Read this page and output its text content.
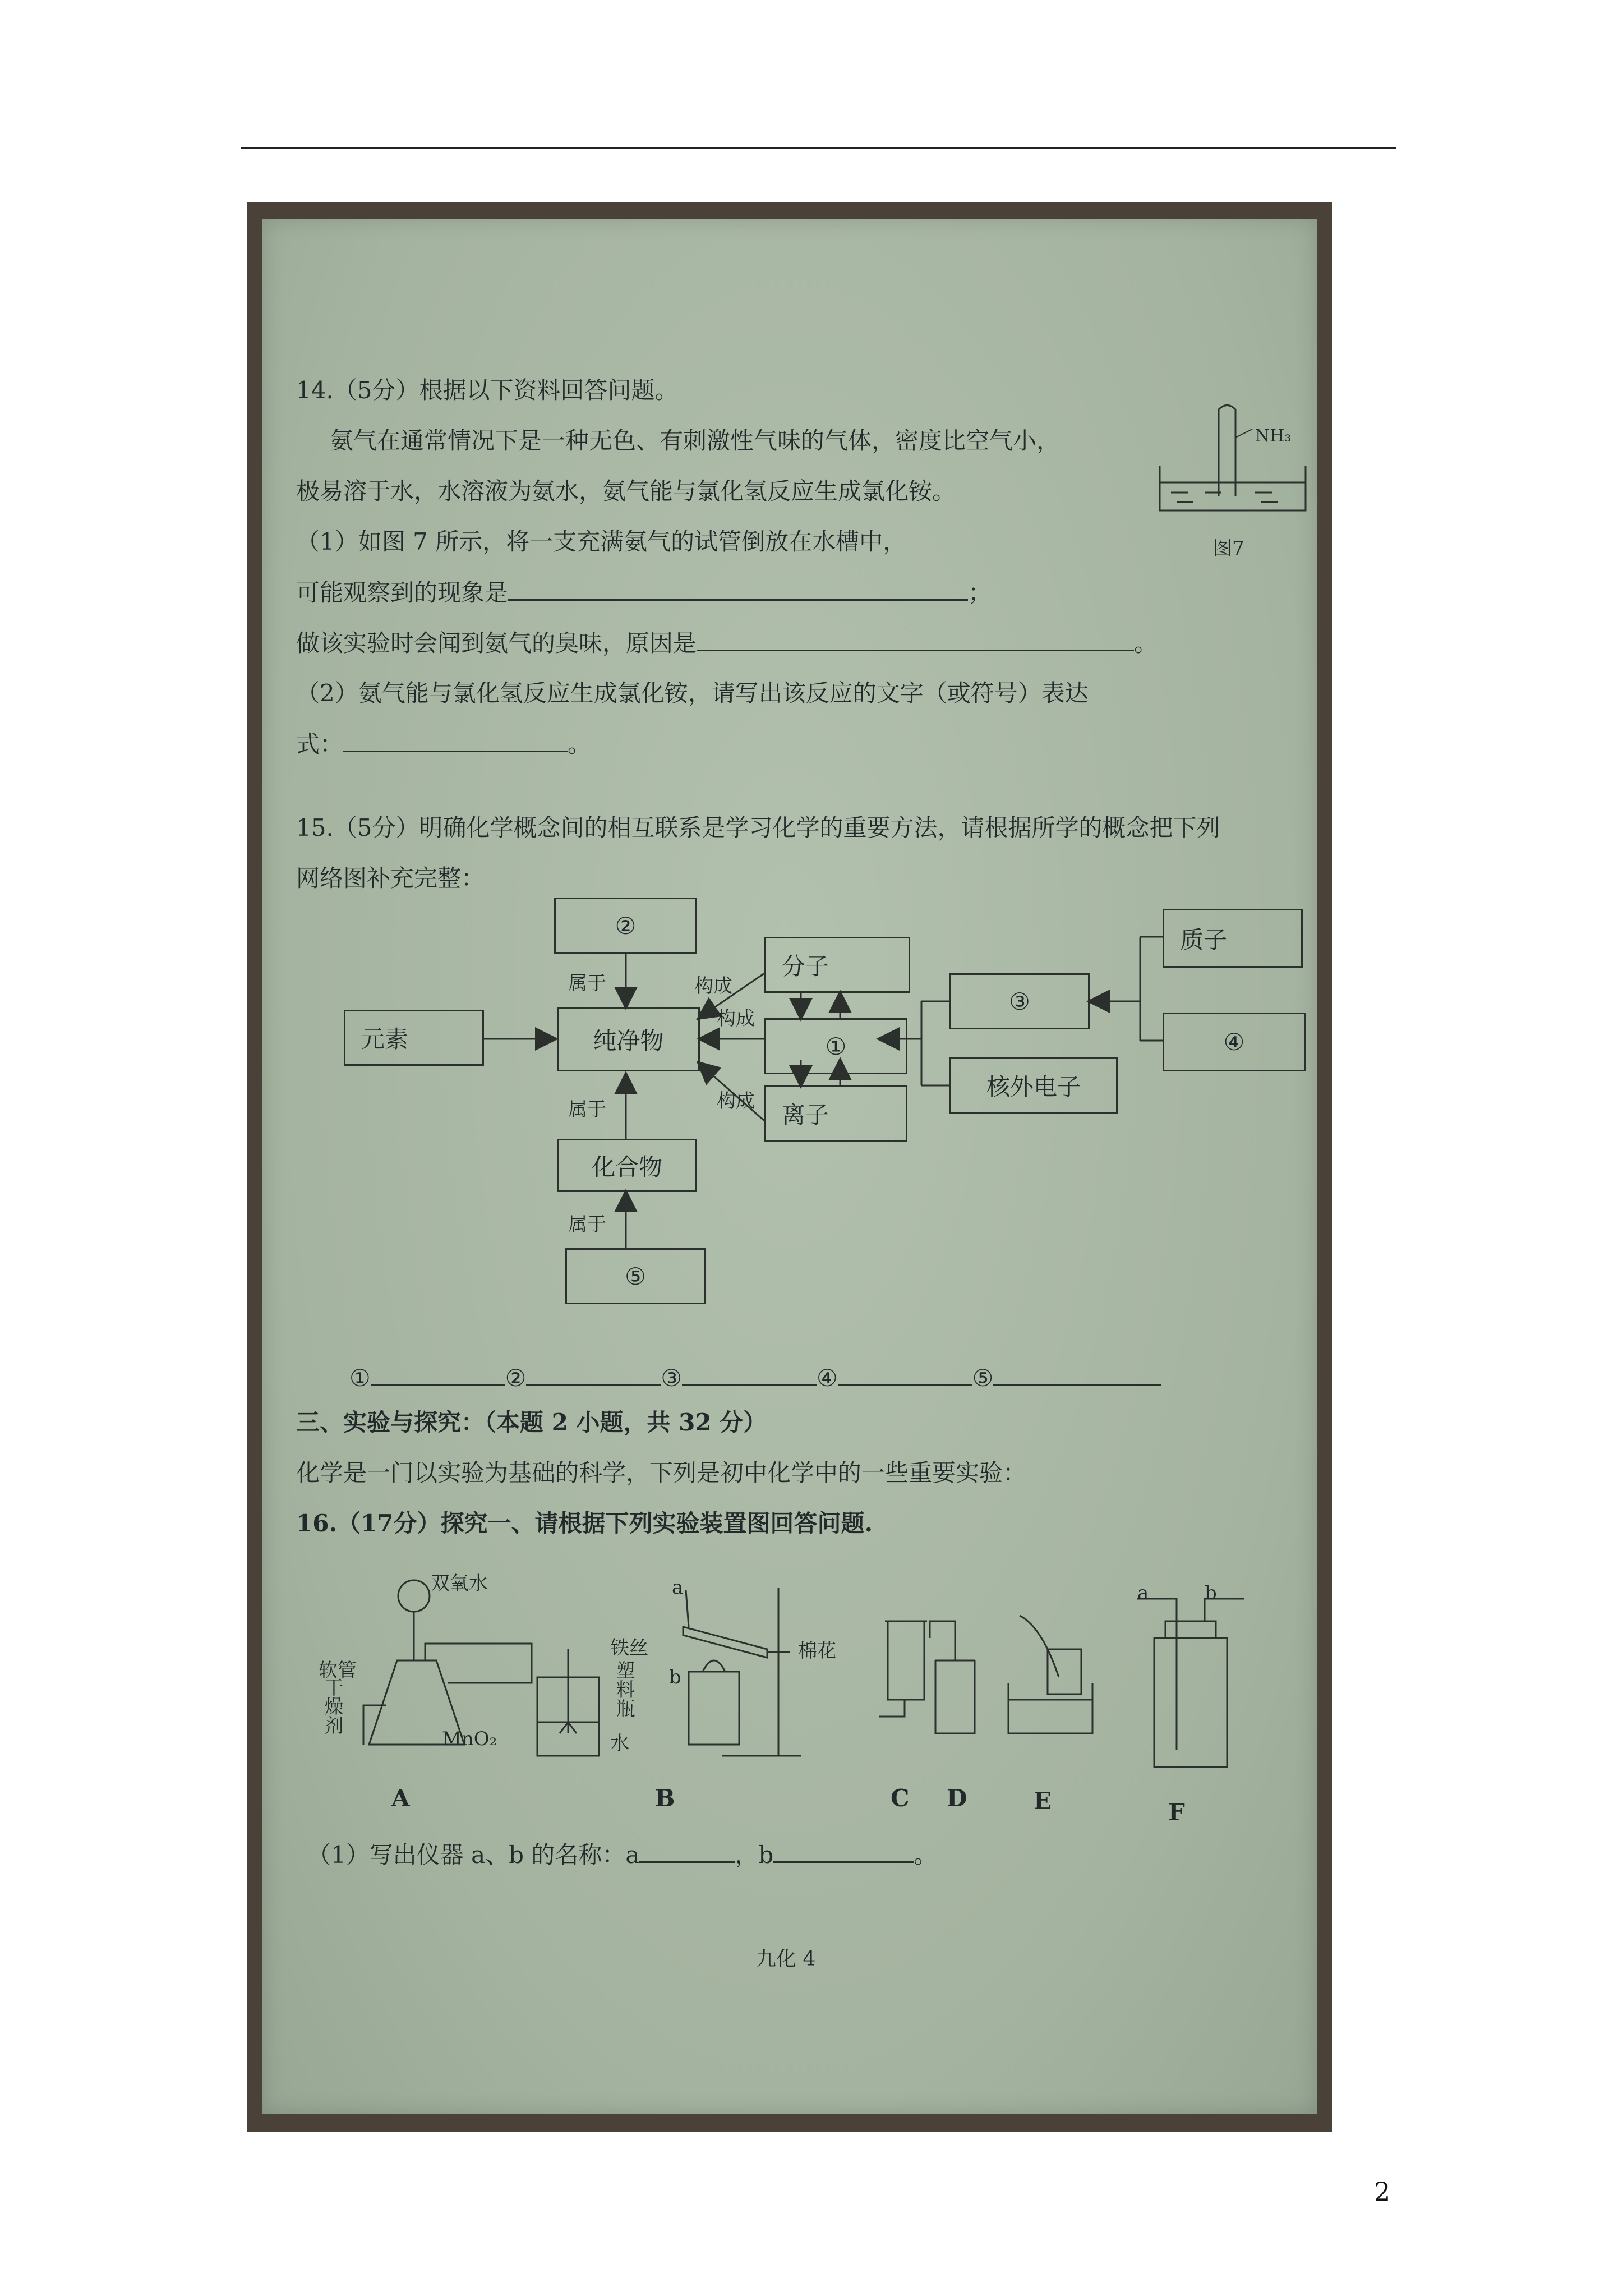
14.（5分）根据以下资料回答问题。
氨气在通常情况下是一种无色、有刺激性气味的气体，密度比空气小，
极易溶于水，水溶液为氨水，氨气能与氯化氢反应生成氯化铵。
（1）如图 7 所示，将一支充满氨气的试管倒放在水槽中，
可能观察到的现象是	；
做该实验时会闻到氨气的臭味，原因是	。
（2）氨气能与氯化氢反应生成氯化铵，请写出该反应的文字（或符号）表达
式：	。
NH₃
图7
15.（5分）明确化学概念间的相互联系是学习化学的重要方法，请根据所学的概念把下列
网络图补充完整：
②
分子
元素	纯净物	①
质子
③
④
核外电子
离子
化合物
⑤
属于	构成
构成
构成
属于
属于
①	②	③	④	⑤
三、实验与探究：（本题 2 小题，共 32 分）
化学是一门以实验为基础的科学，下列是初中化学中的一些重要实验：
16.（17分）探究一、请根据下列实验装置图回答问题.
双氧水
软管
干燥剂
MnO₂
铁丝
塑料瓶
水
棉花
a
b
a	b
A	B	C D	E	F
（1）写出仪器 a、b 的名称：a	，b	。
九化 4
2
